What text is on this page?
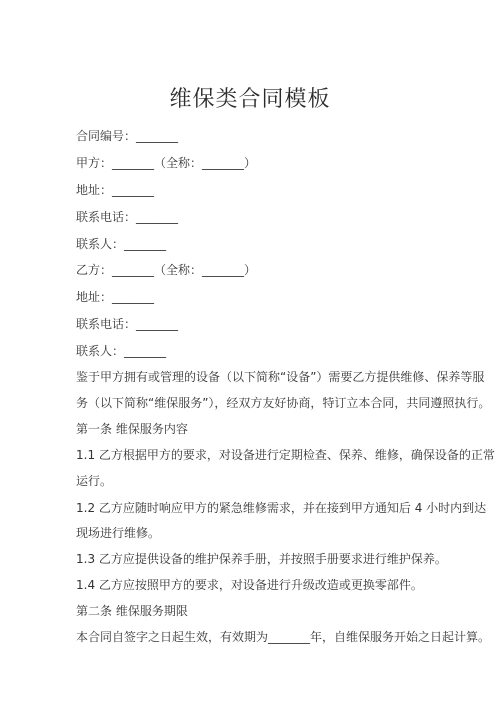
维保类合同模板
合同编号：_______
甲方：_______（全称：_______）
地址：_______
联系电话：_______
联系人：_______
乙方：_______（全称：_______）
地址：_______
联系电话：_______
联系人：_______
鉴于甲方拥有或管理的设备（以下简称“设备”）需要乙方提供维修、保养等服
务（以下简称“维保服务”），经双方友好协商，特订立本合同，共同遵照执行。
第一条 维保服务内容
1.1 乙方根据甲方的要求，对设备进行定期检查、保养、维修，确保设备的正常
运行。
1.2 乙方应随时响应甲方的紧急维修需求，并在接到甲方通知后 4 小时内到达
现场进行维修。
1.3 乙方应提供设备的维护保养手册，并按照手册要求进行维护保养。
1.4 乙方应按照甲方的要求，对设备进行升级改造或更换零部件。
第二条 维保服务期限
本合同自签字之日起生效，有效期为_______年，自维保服务开始之日起计算。
